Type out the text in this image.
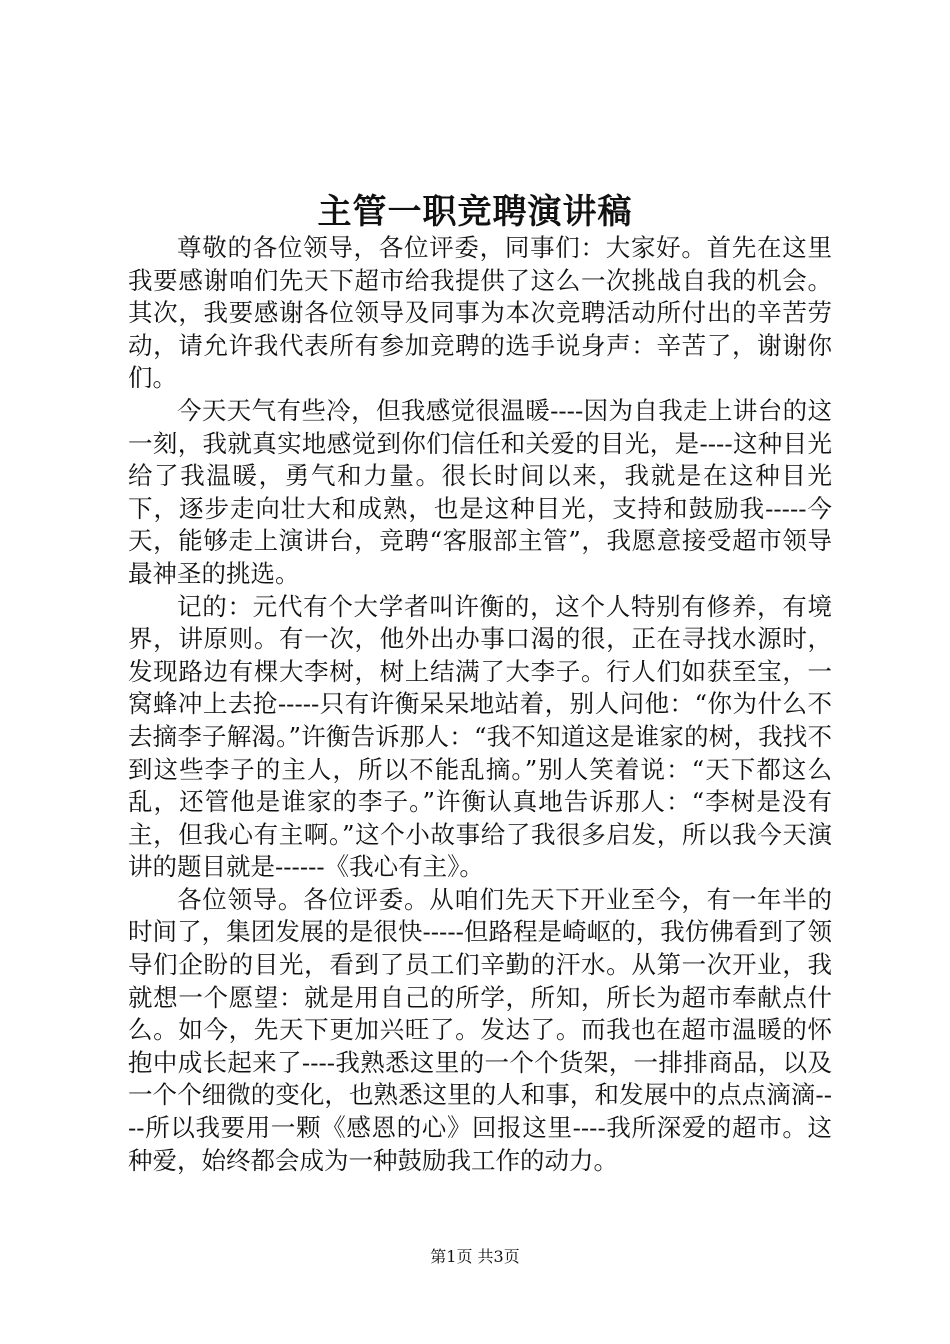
主管一职竞聘演讲稿

尊敬的各位领导，各位评委，同事们：大家好。首先在这里我要感谢咱们先天下超市给我提供了这么一次挑战自我的机会。其次，我要感谢各位领导及同事为本次竞聘活动所付出的辛苦劳动，请允许我代表所有参加竞聘的选手说身声：辛苦了，谢谢你们。

今天天气有些冷，但我感觉很温暖----因为自我走上讲台的这一刻，我就真实地感觉到你们信任和关爱的目光，是----这种目光给了我温暖，勇气和力量。很长时间以来，我就是在这种目光下，逐步走向壮大和成熟，也是这种目光，支持和鼓励我-----今天，能够走上演讲台，竞聘“客服部主管”，我愿意接受超市领导最神圣的挑选。

记的：元代有个大学者叫许衡的，这个人特别有修养，有境界，讲原则。有一次，他外出办事口渴的很，正在寻找水源时，发现路边有棵大李树，树上结满了大李子。行人们如获至宝，一窝蜂冲上去抢-----只有许衡呆呆地站着，别人问他：“你为什么不去摘李子解渴。”许衡告诉那人：“我不知道这是谁家的树，我找不到这些李子的主人，所以不能乱摘。”别人笑着说：“天下都这么乱，还管他是谁家的李子。”许衡认真地告诉那人：“李树是没有主，但我心有主啊。”这个小故事给了我很多启发，所以我今天演讲的题目就是------《我心有主》。

各位领导。各位评委。从咱们先天下开业至今，有一年半的时间了，集团发展的是很快-----但路程是崎岖的，我仿佛看到了领导们企盼的目光，看到了员工们辛勤的汗水。从第一次开业，我就想一个愿望：就是用自己的所学，所知，所长为超市奉献点什么。如今，先天下更加兴旺了。发达了。而我也在超市温暖的怀抱中成长起来了----我熟悉这里的一个个货架，一排排商品，以及一个个细微的变化，也熟悉这里的人和事，和发展中的点点滴滴----所以我要用一颗《感恩的心》回报这里----我所深爱的超市。这种爱，始终都会成为一种鼓励我工作的动力。

第1页 共3页
